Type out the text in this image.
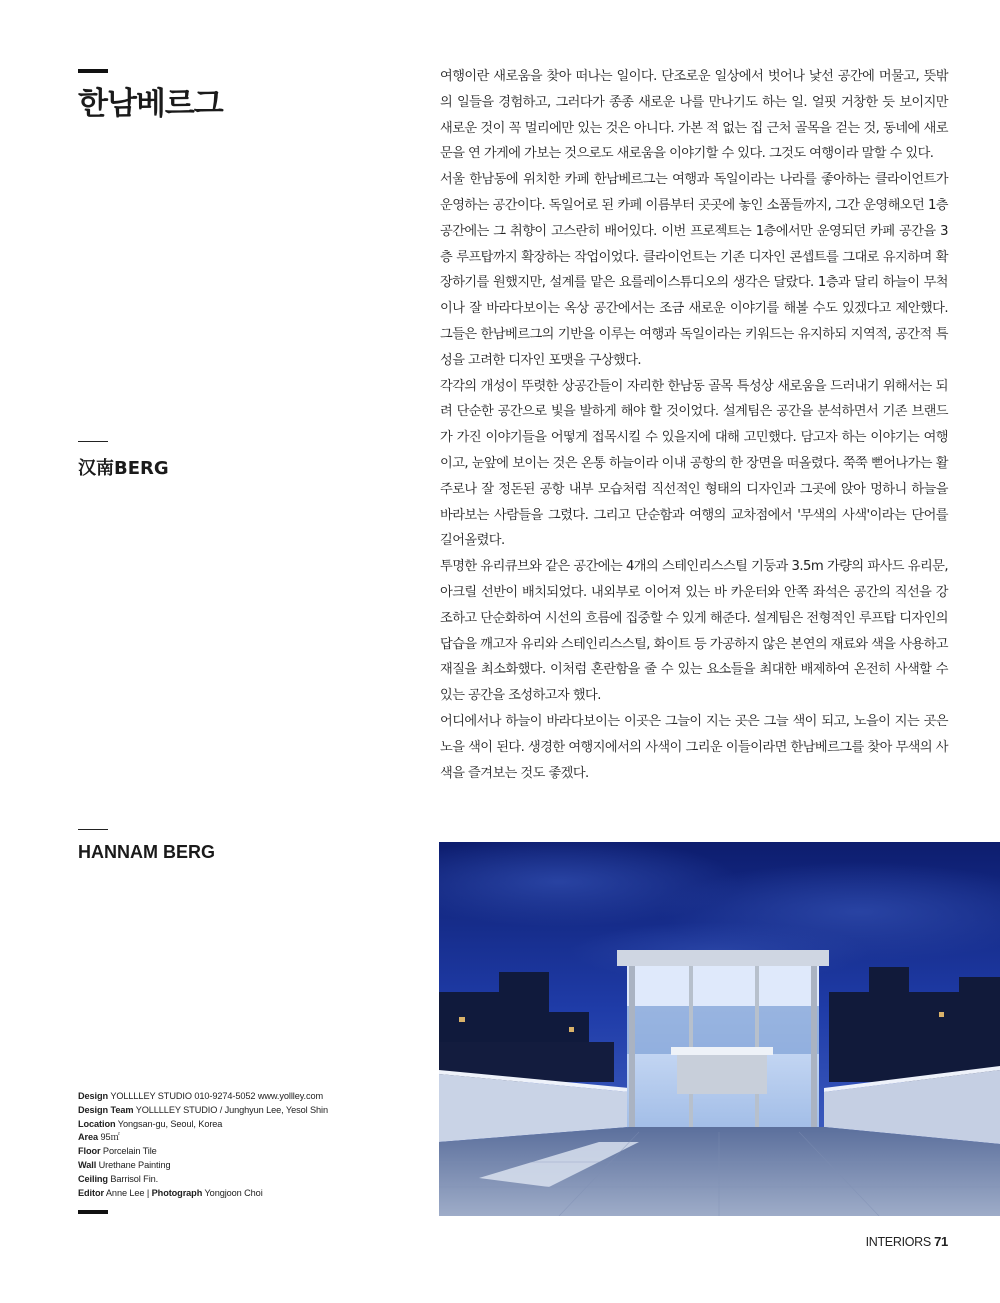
한남베르그
汉南BERG
HANNAM BERG

여행이란 새로움을 찾아 떠나는 일이다. 단조로운 일상에서 벗어나 낯선 공간에 머물고, 뜻밖의 일들을 경험하고, 그러다가 종종 새로운 나를 만나기도 하는 일. 얼핏 거창한 듯 보이지만 새로운 것이 꼭 멀리에만 있는 것은 아니다. 가본 적 없는 집 근처 골목을 걷는 것, 동네에 새로 문을 연 가게에 가보는 것으로도 새로움을 이야기할 수 있다. 그것도 여행이라 말할 수 있다.

서울 한남동에 위치한 카페 한남베르그는 여행과 독일이라는 나라를 좋아하는 클라이언트가 운영하는 공간이다. 독일어로 된 카페 이름부터 곳곳에 놓인 소품들까지, 그간 운영해오던 1층 공간에는 그 취향이 고스란히 배어있다. 이번 프로젝트는 1층에서만 운영되던 카페 공간을 3층 루프탑까지 확장하는 작업이었다. 클라이언트는 기존 디자인 콘셉트를 그대로 유지하며 확장하기를 원했지만, 설계를 맡은 요를레이스튜디오의 생각은 달랐다. 1층과 달리 하늘이 무척이나 잘 바라다보이는 옥상 공간에서는 조금 새로운 이야기를 해볼 수도 있겠다고 제안했다. 그들은 한남베르그의 기반을 이루는 여행과 독일이라는 키워드는 유지하되 지역적, 공간적 특성을 고려한 디자인 포맷을 구상했다.

각각의 개성이 뚜렷한 상공간들이 자리한 한남동 골목 특성상 새로움을 드러내기 위해서는 되려 단순한 공간으로 빛을 발하게 해야 할 것이었다. 설계팀은 공간을 분석하면서 기존 브랜드가 가진 이야기들을 어떻게 접목시킬 수 있을지에 대해 고민했다. 담고자 하는 이야기는 여행이고, 눈앞에 보이는 것은 온통 하늘이라 이내 공항의 한 장면을 떠올렸다. 쭉쭉 뻗어나가는 활주로나 잘 정돈된 공항 내부 모습처럼 직선적인 형태의 디자인과 그곳에 앉아 멍하니 하늘을 바라보는 사람들을 그렸다. 그리고 단순함과 여행의 교차점에서 '무색의 사색'이라는 단어를 길어올렸다.

투명한 유리큐브와 같은 공간에는 4개의 스테인리스스틸 기둥과 3.5m 가량의 파사드 유리문, 아크릴 선반이 배치되었다. 내외부로 이어져 있는 바 카운터와 안쪽 좌석은 공간의 직선을 강조하고 단순화하여 시선의 흐름에 집중할 수 있게 해준다. 설계팀은 전형적인 루프탑 디자인의 답습을 깨고자 유리와 스테인리스스틸, 화이트 등 가공하지 않은 본연의 재료와 색을 사용하고 재질을 최소화했다. 이처럼 혼란함을 줄 수 있는 요소들을 최대한 배제하여 온전히 사색할 수 있는 공간을 조성하고자 했다.

어디에서나 하늘이 바라다보이는 이곳은 그늘이 지는 곳은 그늘 색이 되고, 노을이 지는 곳은 노을 색이 된다. 생경한 여행지에서의 사색이 그리운 이들이라면 한남베르그를 찾아 무색의 사색을 즐겨보는 것도 좋겠다.

Design YOLLLLEY STUDIO 010-9274-5052 www.yollley.com
Design Team YOLLLLEY STUDIO / Junghyun Lee, Yesol Shin
Location Yongsan-gu, Seoul, Korea
Area 95㎡
Floor Porcelain Tile
Wall Urethane Painting
Ceiling Barrisol Fin.
Editor Anne Lee | Photograph Yongjoon Choi
INTERIORS 71
